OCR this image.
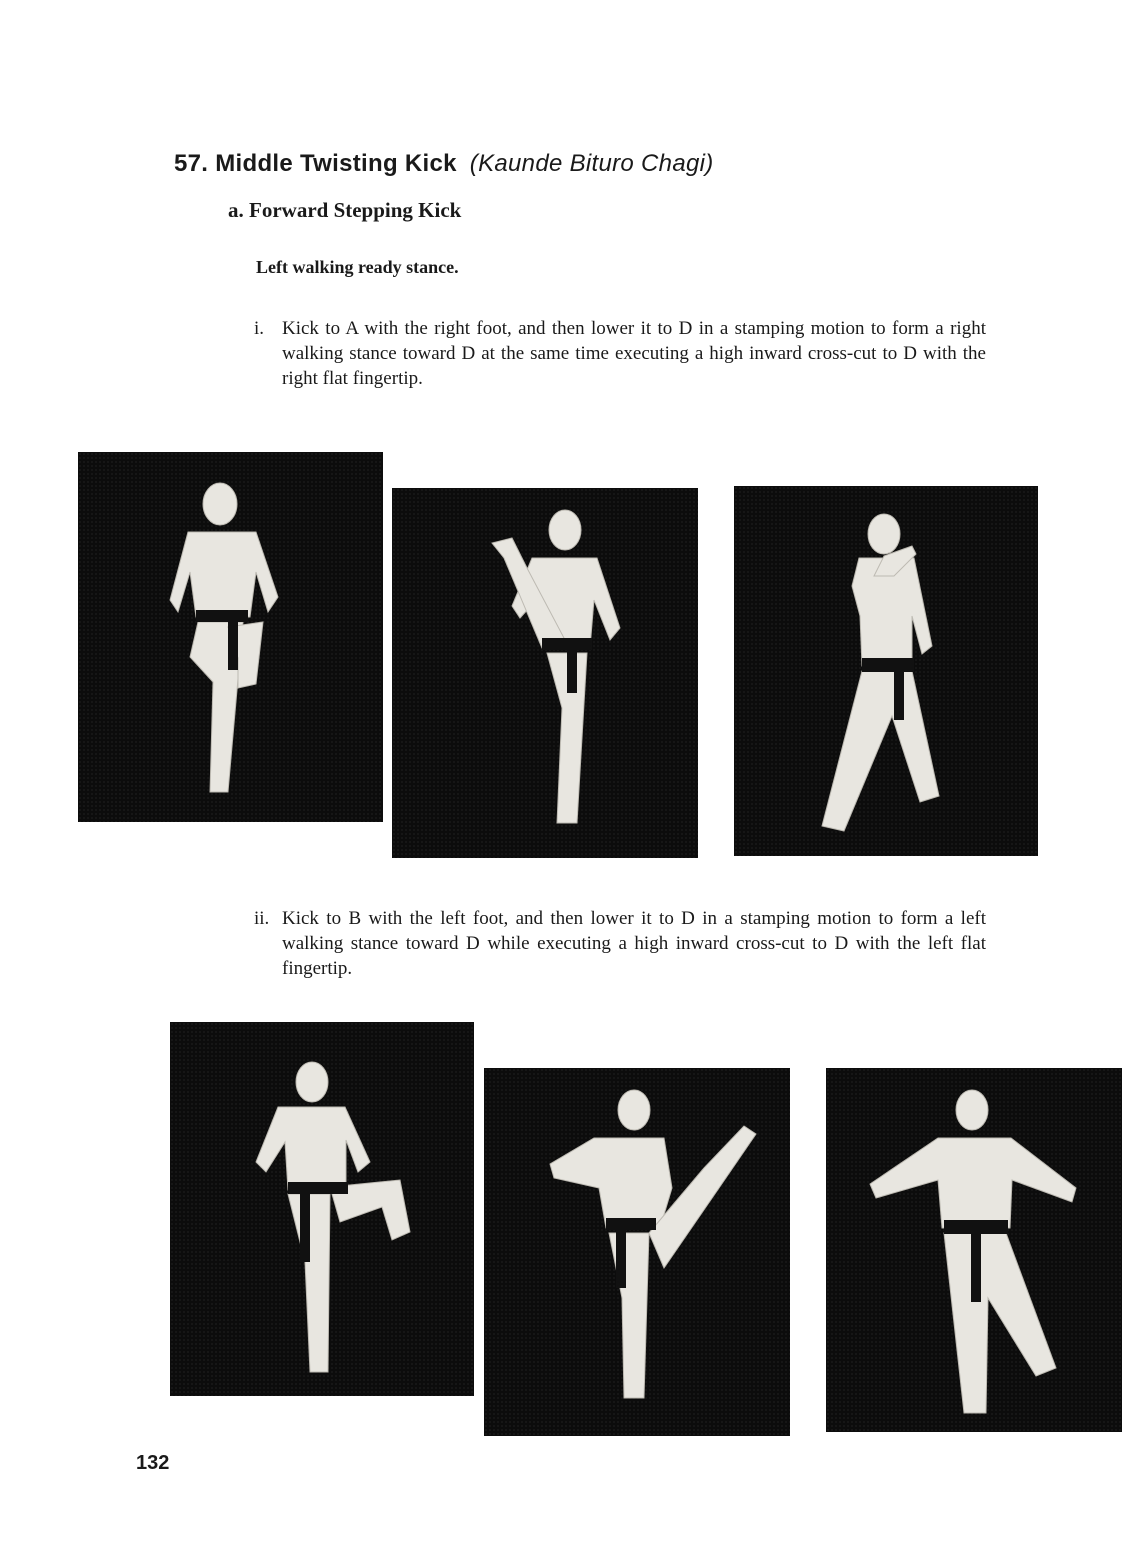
57. Middle Twisting Kick (Kaunde Bituro Chagi)
a. Forward Stepping Kick
Left walking ready stance.
i. Kick to A with the right foot, and then lower it to D in a stamping motion to form a right walking stance toward D at the same time executing a high inward cross-cut to D with the right flat fingertip.
ii. Kick to B with the left foot, and then lower it to D in a stamping motion to form a left walking stance toward D while executing a high inward cross-cut to D with the left flat fingertip.
132
